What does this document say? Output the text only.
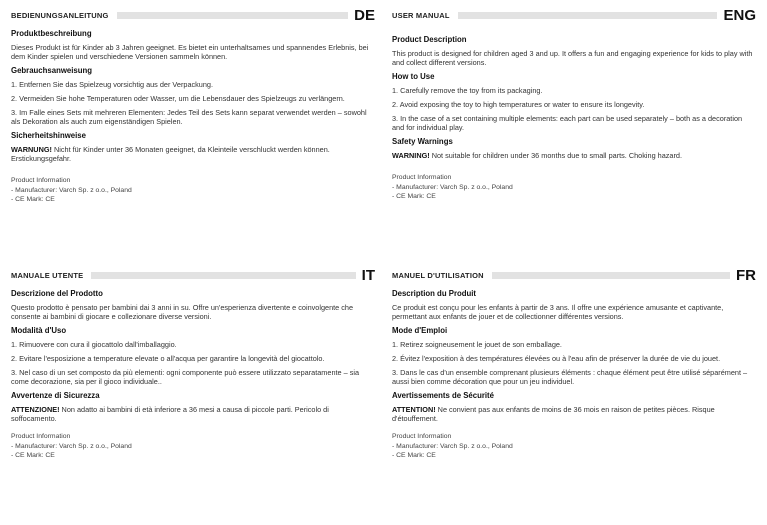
BEDIENUNGSANLEITUNG	DE
Produktbeschreibung

Dieses Produkt ist für Kinder ab 3 Jahren geeignet. Es bietet ein unterhaltsames und spannendes Erlebnis, bei dem Kinder spielen und verschiedene Versionen sammeln können.

Gebrauchsanweisung

1. Entfernen Sie das Spielzeug vorsichtig aus der Verpackung.

2. Vermeiden Sie hohe Temperaturen oder Wasser, um die Lebensdauer des Spielzeugs zu verlängern.

3. Im Falle eines Sets mit mehreren Elementen: Jedes Teil des Sets kann separat verwendet werden – sowohl als Dekoration als auch zum eigenständigen Spielen.

Sicherheitshinweise

WARNUNG! Nicht für Kinder unter 36 Monaten geeignet, da Kleinteile verschluckt werden können. Erstickungsgefahr.

Product Information
- Manufacturer: Varch Sp. z o.o., Poland
- CE Mark: CE
USER MANUAL	ENG
Product Description

This product is designed for children aged 3 and up. It offers a fun and engaging experience for kids to play with and collect different versions.

How to Use

1. Carefully remove the toy from its packaging.

2. Avoid exposing the toy to high temperatures or water to ensure its longevity.

3. In the case of a set containing multiple elements: each part can be used separately – both as a decoration and for individual play.

Safety Warnings

WARNING! Not suitable for children under 36 months due to small parts. Choking hazard.

Product Information
- Manufacturer: Varch Sp. z o.o., Poland
- CE Mark: CE
MANUALE UTENTE	IT
Descrizione del Prodotto

Questo prodotto è pensato per bambini dai 3 anni in su. Offre un'esperienza divertente e coinvolgente che consente ai bambini di giocare e collezionare diverse versioni.

Modalità d'Uso

1. Rimuovere con cura il giocattolo dall'imballaggio.

2. Evitare l'esposizione a temperature elevate o all'acqua per garantire la longevità del giocattolo.

3. Nel caso di un set composto da più elementi: ogni componente può essere utilizzato separatamente – sia come decorazione, sia per il gioco individuale..

Avvertenze di Sicurezza

ATTENZIONE! Non adatto ai bambini di età inferiore a 36 mesi a causa di piccole parti. Pericolo di soffocamento.

Product Information
- Manufacturer: Varch Sp. z o.o., Poland
- CE Mark: CE
MANUEL D'UTILISATION	FR
Description du Produit

Ce produit est conçu pour les enfants à partir de 3 ans. Il offre une expérience amusante et captivante, permettant aux enfants de jouer et de collectionner différentes versions.

Mode d'Emploi

1. Retirez soigneusement le jouet de son emballage.

2. Évitez l'exposition à des températures élevées ou à l'eau afin de préserver la durée de vie du jouet.

3. Dans le cas d'un ensemble comprenant plusieurs éléments : chaque élément peut être utilisé séparément – aussi bien comme décoration que pour un jeu individuel.

Avertissements de Sécurité

ATTENTION! Ne convient pas aux enfants de moins de 36 mois en raison de petites pièces. Risque d'étouffement.

Product Information
- Manufacturer: Varch Sp. z o.o., Poland
- CE Mark: CE
